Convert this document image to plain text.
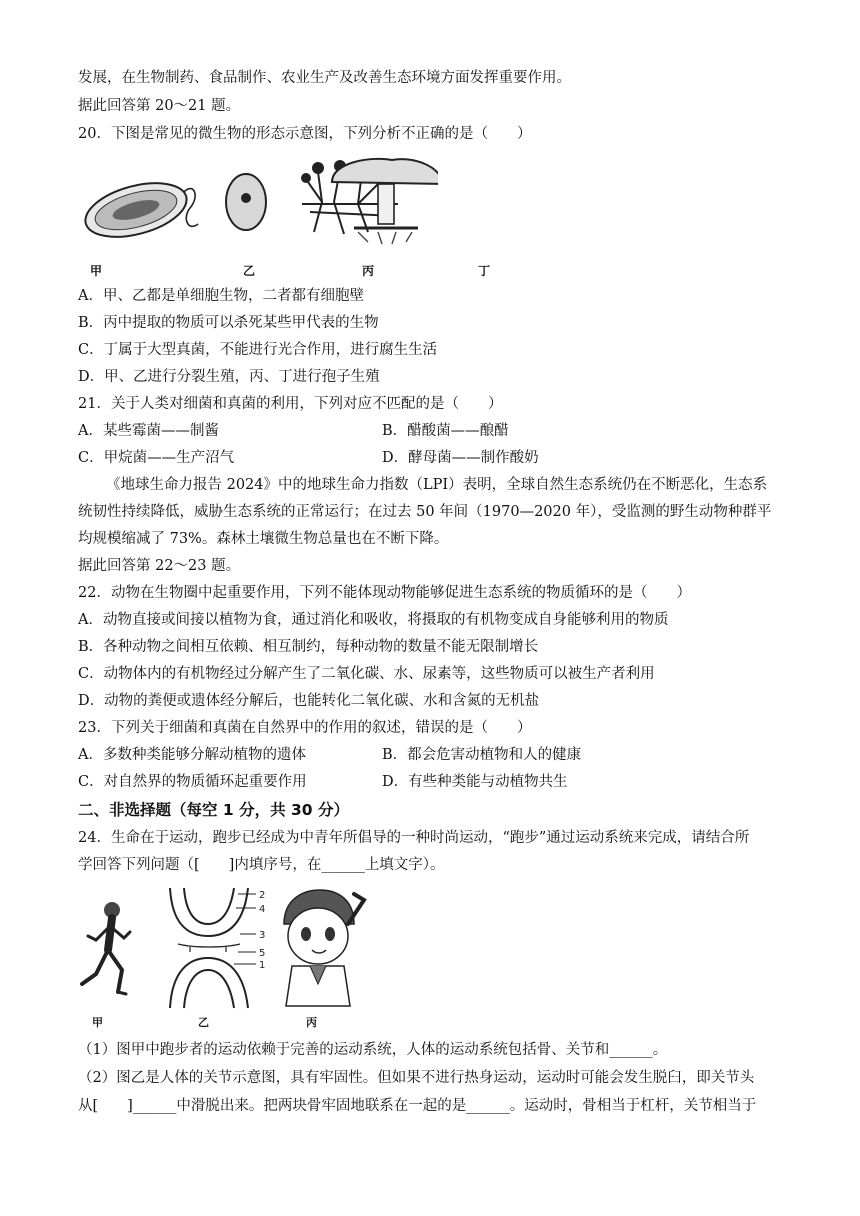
发展，在生物制药、食品制作、农业生产及改善生态环境方面发挥重要作用。
据此回答第 20～21 题。
20．下图是常见的微生物的形态示意图，下列分析不正确的是（　　）
甲	乙	丙	丁
A．甲、乙都是单细胞生物，二者都有细胞壁
B．丙中提取的物质可以杀死某些甲代表的生物
C．丁属于大型真菌，不能进行光合作用，进行腐生生活
D．甲、乙进行分裂生殖，丙、丁进行孢子生殖
21．关于人类对细菌和真菌的利用，下列对应不匹配的是（　　）
A．某些霉菌——制酱	B．醋酸菌——酿醋
C．甲烷菌——生产沼气	D．酵母菌——制作酸奶
《地球生命力报告 2024》中的地球生命力指数（LPI）表明，全球自然生态系统仍在不断恶化，生态系
统韧性持续降低，威胁生态系统的正常运行；在过去 50 年间（1970—2020 年），受监测的野生动物种群平
均规模缩减了 73%。森林土壤微生物总量也在不断下降。
据此回答第 22～23 题。
22．动物在生物圈中起重要作用，下列不能体现动物能够促进生态系统的物质循环的是（　　）
A．动物直接或间接以植物为食，通过消化和吸收，将摄取的有机物变成自身能够利用的物质
B．各种动物之间相互依赖、相互制约，每种动物的数量不能无限制增长
C．动物体内的有机物经过分解产生了二氧化碳、水、尿素等，这些物质可以被生产者利用
D．动物的粪便或遗体经分解后，也能转化二氧化碳、水和含氮的无机盐
23．下列关于细菌和真菌在自然界中的作用的叙述，错误的是（　　）
A．多数种类能够分解动植物的遗体	B．都会危害动植物和人的健康
C．对自然界的物质循环起重要作用	D．有些种类能与动植物共生
二、非选择题（每空 1 分，共 30 分）
24．生命在于运动，跑步已经成为中青年所倡导的一种时尚运动，“跑步”通过运动系统来完成，请结合所
学回答下列问题（[　　]内填序号，在______上填文字）。
2
4
3
5
1
甲	乙	丙
（1）图甲中跑步者的运动依赖于完善的运动系统，人体的运动系统包括骨、关节和______。
（2）图乙是人体的关节示意图，具有牢固性。但如果不进行热身运动，运动时可能会发生脱臼，即关节头
从[　　]______中滑脱出来。把两块骨牢固地联系在一起的是______。运动时，骨相当于杠杆，关节相当于
